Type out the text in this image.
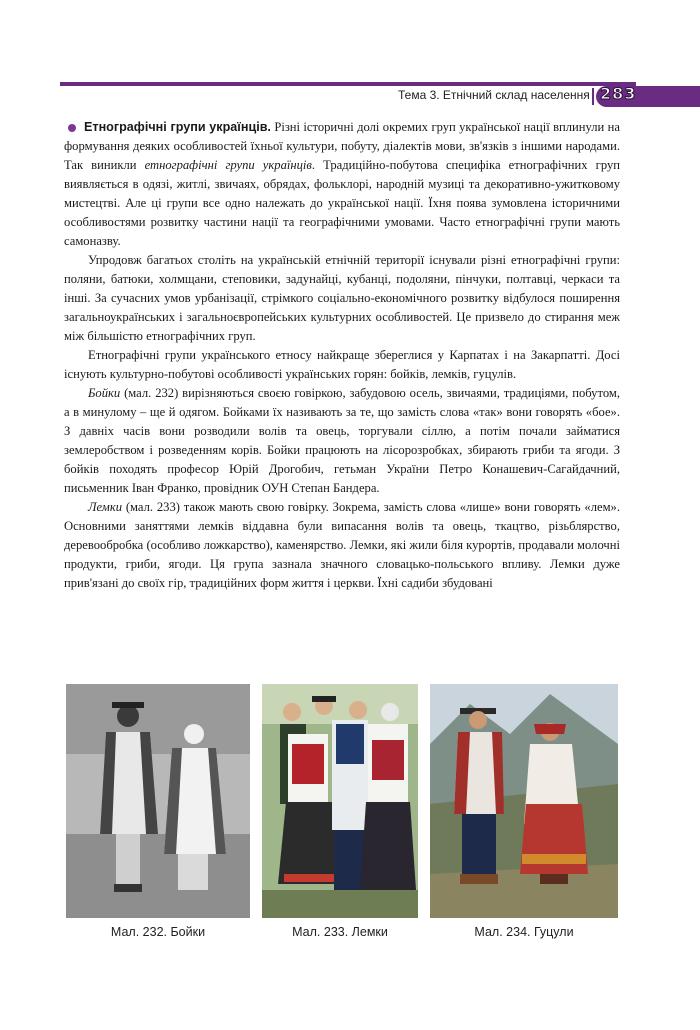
Тема 3. Етнічний склад населення 283

Етнографічні групи українців. Різні історичні долі окремих груп української нації вплинули на формування деяких особливостей їхньої культури, побуту, діалектів мови, зв'язків з іншими народами. Так виникли етнографічні групи українців. Традиційно-побутова специфіка етнографічних груп виявляється в одязі, житлі, звичаях, обрядах, фольклорі, народній музиці та декоративно-ужитковому мистецтві. Але ці групи все одно належать до української нації. Їхня поява зумовлена історичними особливостями розвитку частини нації та географічними умовами. Часто етнографічні групи мають самоназву.

Упродовж багатьох століть на українській етнічній території існували різні етнографічні групи: поляни, батюки, холмщани, степовики, задунайці, кубанці, подоляни, пінчуки, полтавці, черкаси та інші. За сучасних умов урбанізації, стрімкого соціально-економічного розвитку відбулося поширення загальноукраїнських і загальноєвропейських культурних особливостей. Це призвело до стирання меж між більшістю етнографічних груп.

Етнографічні групи українського етносу найкраще збереглися у Карпатах і на Закарпатті. Досі існують культурно-побутові особливості українських горян: бойків, лемків, гуцулів.

Бойки (мал. 232) вирізняються своєю говіркою, забудовою осель, звичаями, традиціями, побутом, а в минулому – ще й одягом. Бойками їх називають за те, що замість слова «так» вони говорять «бое». З давніх часів вони розводили волів та овець, торгували сіллю, а потім почали займатися землеробством і розведенням корів. Бойки працюють на лісорозробках, збирають гриби та ягоди. З бойків походять професор Юрій Дрогобич, гетьман України Петро Конашевич-Сагайдачний, письменник Іван Франко, провідник ОУН Степан Бандера.

Лемки (мал. 233) також мають свою говірку. Зокрема, замість слова «лише» вони говорять «лем». Основними заняттями лемків віддавна були випасання волів та овець, ткацтво, різьблярство, деревообробка (особливо ложкарство), каменярство. Лемки, які жили біля курортів, продавали молочні продукти, гриби, ягоди. Ця група зазнала значного словацько-польського впливу. Лемки дуже прив'язані до своїх гір, традиційних форм життя і церкви. Їхні садиби збудовані

Мал. 232. Бойки	Мал. 233. Лемки	Мал. 234. Гуцули
